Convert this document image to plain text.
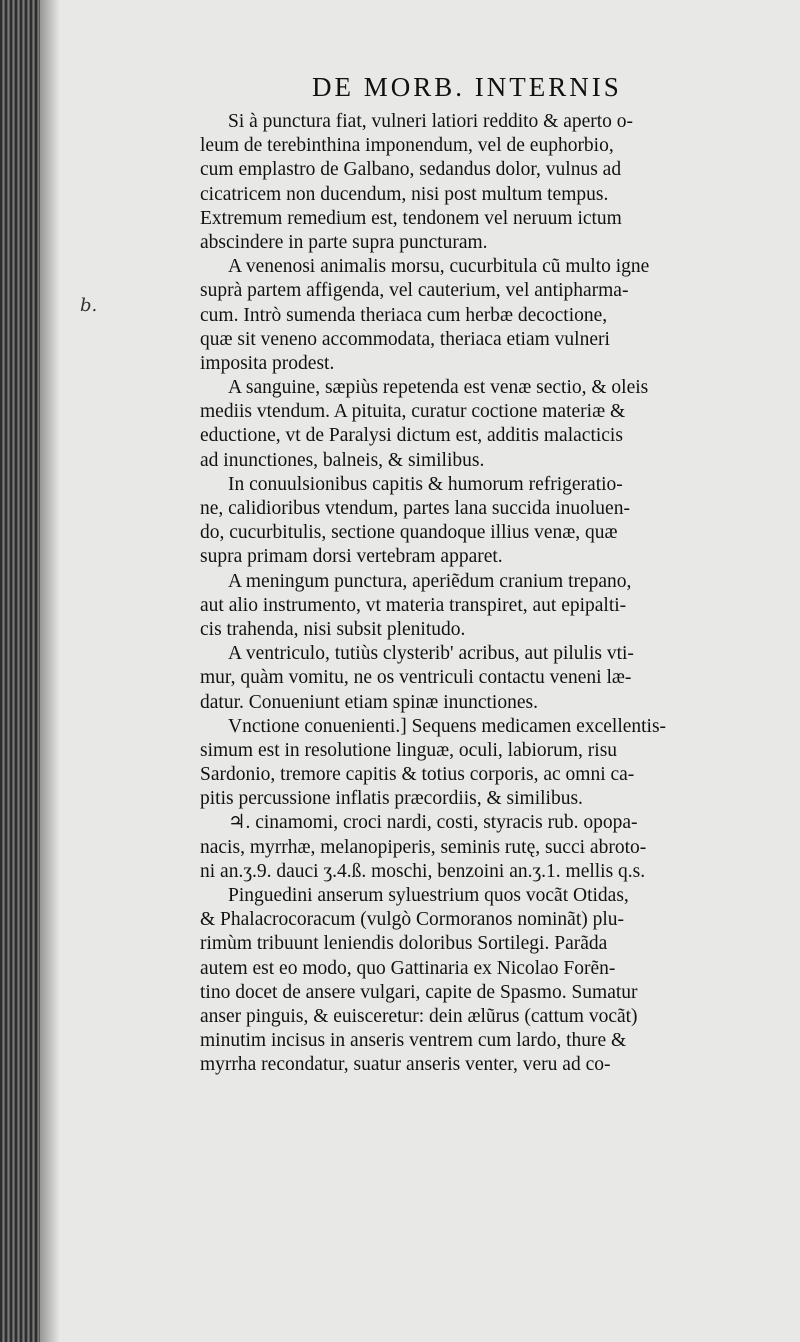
b.
DE MORB. INTERNIS
Si à punctura fiat, vulneri latiori reddito & aperto o-
leum de terebinthina imponendum, vel de euphorbio,
cum emplastro de Galbano, sedandus dolor, vulnus ad
cicatricem non ducendum, nisi post multum tempus.
Extremum remedium est, tendonem vel neruum ictum
abscindere in parte supra puncturam.
A venenosi animalis morsu, cucurbitula cũ multo igne
suprà partem affigenda, vel cauterium, vel antipharma-
cum. Intrò sumenda theriaca cum herbæ decoctione,
quæ sit veneno accommodata, theriaca etiam vulneri
imposita prodest.
A sanguine, sæpiùs repetenda est venæ sectio, & oleis
mediis vtendum. A pituita, curatur coctione materiæ &
eductione, vt de Paralysi dictum est, additis malacticis
ad inunctiones, balneis, & similibus.
In conuulsionibus capitis & humorum refrigeratio-
ne, calidioribus vtendum, partes lana succida inuoluen-
do, cucurbitulis, sectione quandoque illius venæ, quæ
supra primam dorsi vertebram apparet.
A meningum punctura, aperiẽdum cranium trepano,
aut alio instrumento, vt materia transpiret, aut epipalti-
cis trahenda, nisi subsit plenitudo.
A ventriculo, tutiùs clysterib' acribus, aut pilulis vti-
mur, quàm vomitu, ne os ventriculi contactu veneni læ-
datur. Conueniunt etiam spinæ inunctiones.
Vnctione conuenienti.] Sequens medicamen excellentis-
simum est in resolutione linguæ, oculi, labiorum, risu
Sardonio, tremore capitis & totius corporis, ac omni ca-
pitis percussione inflatis præcordiis, & similibus.
♃. cinamomi, croci nardi, costi, styracis rub. opopa-
nacis, myrrhæ, melanopiperis, seminis rutę, succi abroto-
ni an.ʒ.9. dauci ʒ.4.ß. moschi, benzoini an.ʒ.1. mellis q.s.
Pinguedini anserum syluestrium quos vocãt Otidas,
& Phalacrocoracum (vulgò Cormoranos nominãt) plu-
rimùm tribuunt leniendis doloribus Sortilegi. Parãda
autem est eo modo, quo Gattinaria ex Nicolao Forẽn-
tino docet de ansere vulgari, capite de Spasmo. Sumatur
anser pinguis, & euisceretur: dein ælũrus (cattum vocãt)
minutim incisus in anseris ventrem cum lardo, thure &
myrrha recondatur, suatur anseris venter, veru ad co-
